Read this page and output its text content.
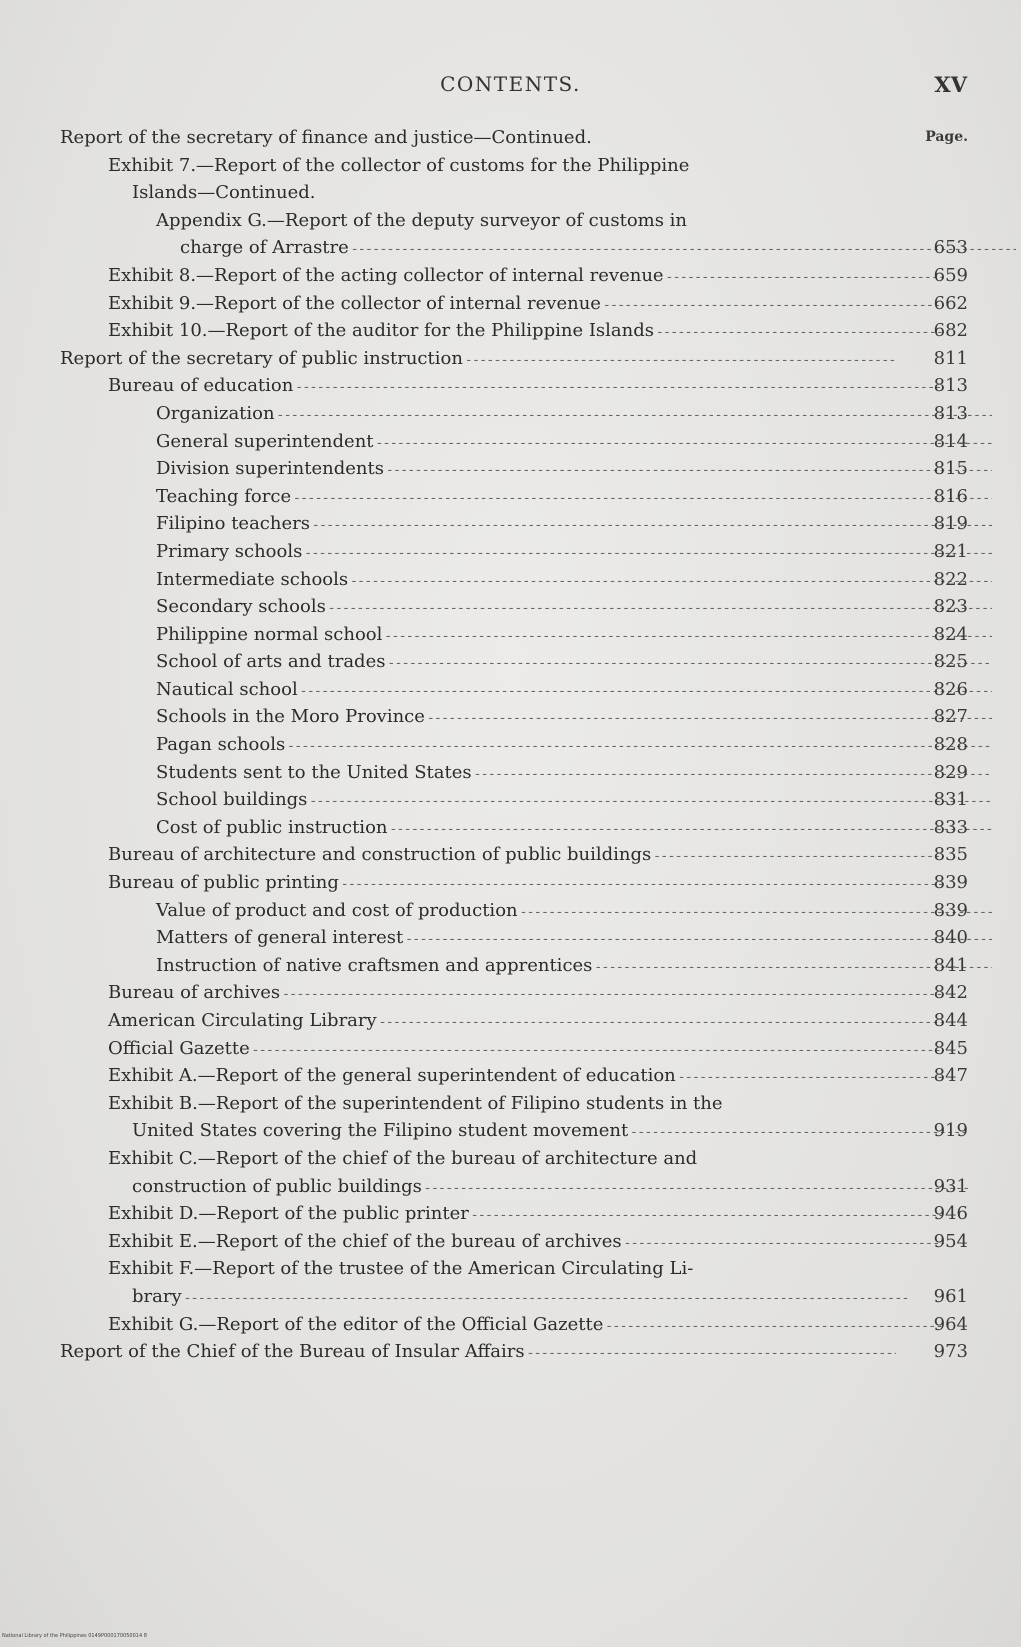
CONTENTS.	XV
Report of the secretary of finance and justice—Continued.	Page.
Exhibit 7.—Report of the collector of customs for the Philippine
Islands—Continued.
Appendix G.—Report of the deputy surveyor of customs in
charge of Arrastre - - -	653
Exhibit 8.—Report of the acting collector of internal revenue - - -	659
Exhibit 9.—Report of the collector of internal revenue - - -	662
Exhibit 10.—Report of the auditor for the Philippine Islands - - -	682
Report of the secretary of public instruction - - -	811
Bureau of education - - -	813
Organization - - -	813
General superintendent - - -	814
Division superintendents - - -	815
Teaching force - - -	816
Filipino teachers - - -	819
Primary schools - - -	821
Intermediate schools - - -	822
Secondary schools - - -	823
Philippine normal school - - -	824
School of arts and trades - - -	825
Nautical school - - -	826
Schools in the Moro Province - - -	827
Pagan schools - - -	828
Students sent to the United States - - -	829
School buildings - - -	831
Cost of public instruction - - -	833
Bureau of architecture and construction of public buildings - - -	835
Bureau of public printing - - -	839
Value of product and cost of production - - -	839
Matters of general interest - - -	840
Instruction of native craftsmen and apprentices - - -	841
Bureau of archives - - -	842
American Circulating Library - - -	844
Official Gazette - - -	845
Exhibit A.—Report of the general superintendent of education - - -	847
Exhibit B.—Report of the superintendent of Filipino students in the
United States covering the Filipino student movement - - -	919
Exhibit C.—Report of the chief of the bureau of architecture and
construction of public buildings - - -	931
Exhibit D.—Report of the public printer - - -	946
Exhibit E.—Report of the chief of the bureau of archives - - -	954
Exhibit F.—Report of the trustee of the American Circulating Li-
brary - - -	961
Exhibit G.—Report of the editor of the Official Gazette - - -	964
Report of the Chief of the Bureau of Insular Affairs - - -	973
National Library of the Philippines 0149P000170050014 8
